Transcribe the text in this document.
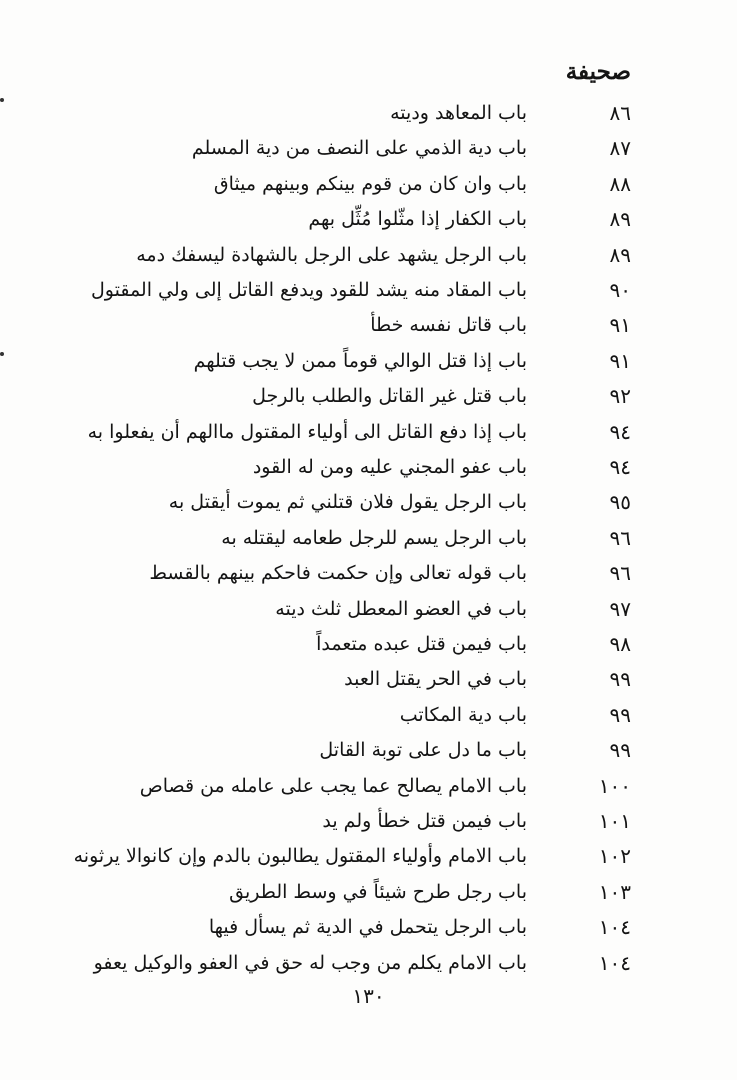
صحيفة
٨٦
باب المعاهد وديته
٨٧
باب دية الذمي على النصف من دية المسلم
٨٨
باب وان كان من قوم بينكم وبينهم ميثاق
٨٩
باب الكفار إذا مثّلوا مُثِّل بهم
٨٩
باب الرجل يشهد على الرجل بالشهادة ليسفك دمه
٩٠
باب المقاد منه يشد للقود ويدفع القاتل إلى ولي المقتول
٩١
باب قاتل نفسه خطأ
٩١
باب إذا قتل الوالي قوماً ممن لا يجب قتلهم
٩٢
باب قتل غير القاتل والطلب بالرجل
٩٤
باب إذا دفع القاتل الى أولياء المقتول ماالهم أن يفعلوا به
٩٤
باب عفو المجني عليه ومن له القود
٩٥
باب الرجل يقول فلان قتلني ثم يموت أيقتل به
٩٦
باب الرجل يسم للرجل طعامه ليقتله به
٩٦
باب قوله تعالى وإن حكمت فاحكم بينهم بالقسط
٩٧
باب في العضو المعطل ثلث ديته
٩٨
باب فيمن قتل عبده متعمداً
٩٩
باب في الحر يقتل العبد
٩٩
باب دية المكاتب
٩٩
باب ما دل على توبة القاتل
١٠٠
باب الامام يصالح عما يجب على عامله من قصاص
١٠١
باب فيمن قتل خطأ ولم يد
١٠٢
باب الامام وأولياء المقتول يطالبون بالدم وإن كانوالا يرثونه
١٠٣
باب رجل طرح شيئاً في وسط الطريق
١٠٤
باب الرجل يتحمل في الدية ثم يسأل فيها
١٠٤
باب الامام يكلم من وجب له حق في العفو والوكيل يعفو
١٣٠
